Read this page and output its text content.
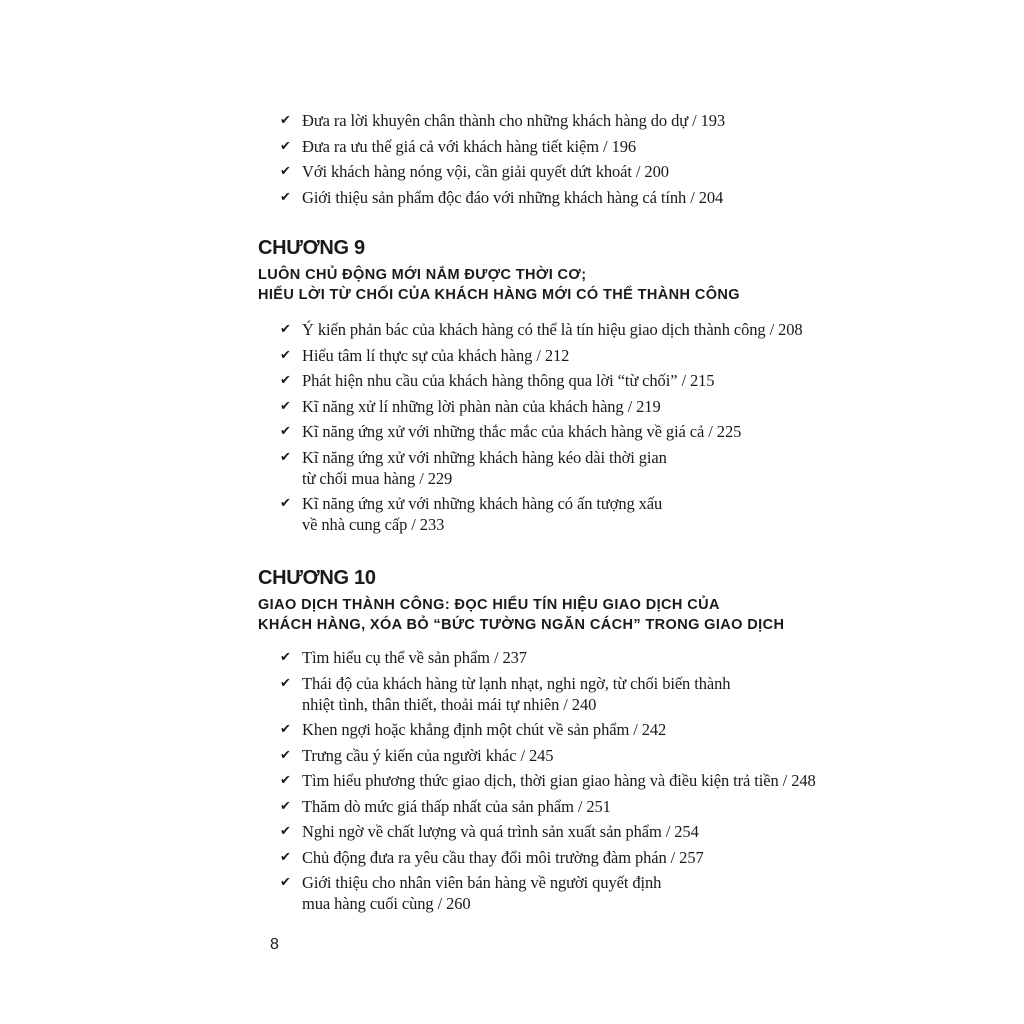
✔ Đưa ra lời khuyên chân thành cho những khách hàng do dự / 193
✔ Đưa ra ưu thế giá cả với khách hàng tiết kiệm / 196
✔ Với khách hàng nóng vội, cần giải quyết dứt khoát / 200
✔ Giới thiệu sản phẩm độc đáo với những khách hàng cá tính / 204
CHƯƠNG 9
LUÔN CHỦ ĐỘNG MỚI NẮM ĐƯỢC THỜI CƠ;
HIỂU LỜI TỪ CHỐI CỦA KHÁCH HÀNG MỚI CÓ THỂ THÀNH CÔNG
✔ Ý kiến phản bác của khách hàng có thể là tín hiệu giao dịch thành công / 208
✔ Hiểu tâm lí thực sự của khách hàng / 212
✔ Phát hiện nhu cầu của khách hàng thông qua lời “từ chối” / 215
✔ Kĩ năng xử lí những lời phàn nàn của khách hàng / 219
✔ Kĩ năng ứng xử với những thắc mắc của khách hàng về giá cả / 225
✔ Kĩ năng ứng xử với những khách hàng kéo dài thời gian
từ chối mua hàng / 229
✔ Kĩ năng ứng xử với những khách hàng có ấn tượng xấu
về nhà cung cấp / 233
CHƯƠNG 10
GIAO DỊCH THÀNH CÔNG: ĐỌC HIỂU TÍN HIỆU GIAO DỊCH CỦA
KHÁCH HÀNG, XÓA BỎ “BỨC TƯỜNG NGĂN CÁCH” TRONG GIAO DỊCH
✔ Tìm hiểu cụ thể về sản phẩm / 237
✔ Thái độ của khách hàng từ lạnh nhạt, nghi ngờ, từ chối biến thành
nhiệt tình, thân thiết, thoải mái tự nhiên / 240
✔ Khen ngợi hoặc khẳng định một chút về sản phẩm / 242
✔ Trưng cầu ý kiến của người khác / 245
✔ Tìm hiểu phương thức giao dịch, thời gian giao hàng và điều kiện trả tiền / 248
✔ Thăm dò mức giá thấp nhất của sản phẩm / 251
✔ Nghi ngờ về chất lượng và quá trình sản xuất sản phẩm / 254
✔ Chủ động đưa ra yêu cầu thay đổi môi trường đàm phán / 257
✔ Giới thiệu cho nhân viên bán hàng về người quyết định
mua hàng cuối cùng / 260
8
